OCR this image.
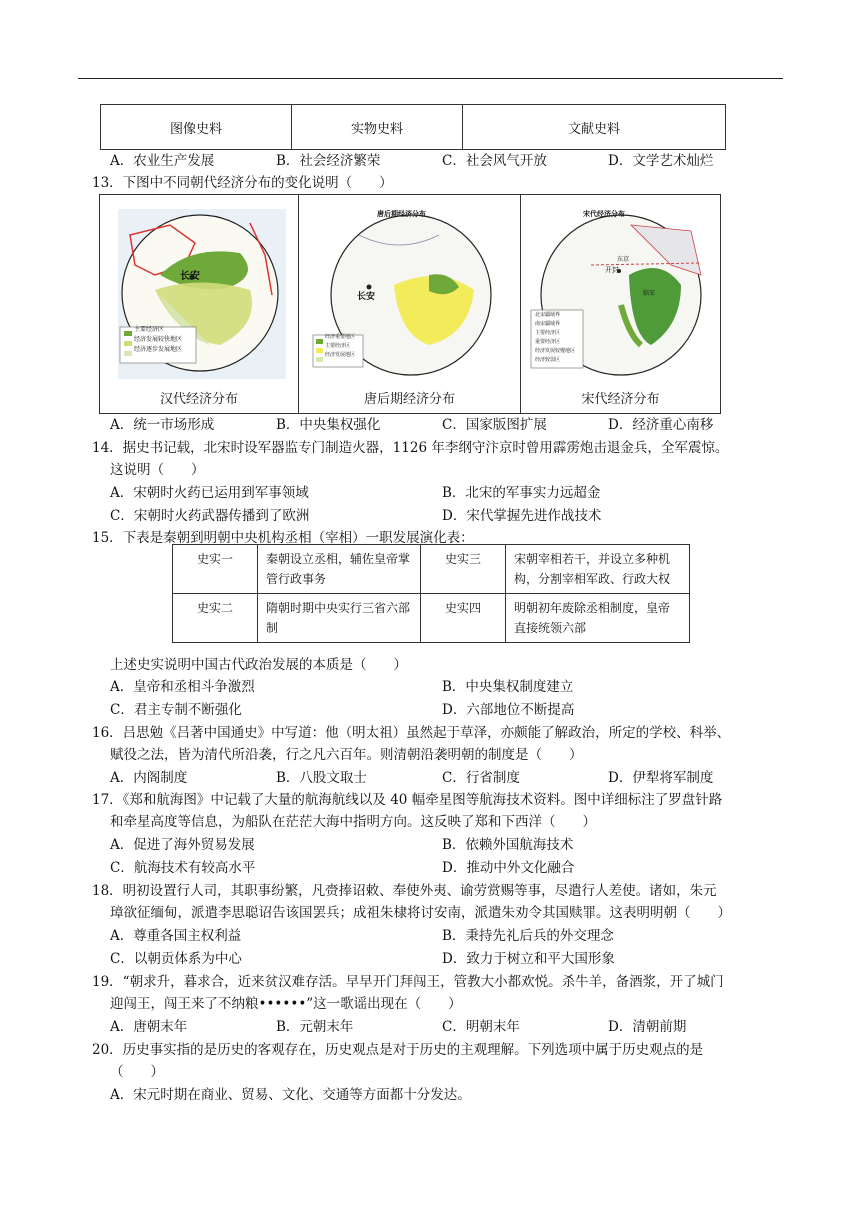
图像史料	实物史料	文献史料
A．农业生产发展	B．社会经济繁荣	C．社会风气开放	D．文学艺术灿烂
13．下图中不同朝代经济分布的变化说明（　　）
长安
主要经济区
经济发展较快地区
经济逐步发展地区
汉代经济分布
唐后期经济分布
长安
经济重要地区
主要经济区
经济发展地区
唐后期经济分布
宋代经济分布
东京
开封
临安
北宋疆域界
南宋疆域界
主要经济区
重要经济区
经济发展较慢地区
经济较弱区
宋代经济分布
A．统一市场形成	B．中央集权强化	C．国家版图扩展	D．经济重心南移
14．据史书记载，北宋时设军器监专门制造火器，1126 年李纲守汴京时曾用霹雳炮击退金兵，全军震惊。
这说明（　　）
A．宋朝时火药已运用到军事领域	B．北宋的军事实力远超金
C．宋朝时火药武器传播到了欧洲	D．宋代掌握先进作战技术
15．下表是秦朝到明朝中央机构丞相（宰相）一职发展演化表：
史实一	秦朝设立丞相，辅佐皇帝掌管行政事务	史实三	宋朝宰相若干，并设立多种机构，分割宰相军政、行政大权
史实二	隋朝时期中央实行三省六部制	史实四	明朝初年废除丞相制度，皇帝直接统领六部
上述史实说明中国古代政治发展的本质是（　　）
A．皇帝和丞相斗争激烈	B．中央集权制度建立
C．君主专制不断强化	D．六部地位不断提高
16．吕思勉《吕著中国通史》中写道：他（明太祖）虽然起于草泽，亦颇能了解政治，所定的学校、科举、
赋役之法，皆为清代所沿袭，行之凡六百年。则清朝沿袭明朝的制度是（　　）
A．内阁制度	B．八股文取士	C．行省制度	D．伊犁将军制度
17．《郑和航海图》中记载了大量的航海航线以及 40 幅牵星图等航海技术资料。图中详细标注了罗盘针路
和牵星高度等信息，为船队在茫茫大海中指明方向。这反映了郑和下西洋（　　）
A．促进了海外贸易发展	B．依赖外国航海技术
C．航海技术有较高水平	D．推动中外文化融合
18．明初设置行人司，其职事纷繁，凡赍捧诏敕、奉使外夷、谕劳赏赐等事，尽遣行人差使。诸如，朱元
璋欲征缅甸，派遣李思聪诏告该国罢兵；成祖朱棣将讨安南，派遣朱劝令其国赎罪。这表明明朝（　　）
A．尊重各国主权利益	B．秉持先礼后兵的外交理念
C．以朝贡体系为中心	D．致力于树立和平大国形象
19．“朝求升，暮求合，近来贫汉难存活。早早开门拜闯王，管教大小都欢悦。杀牛羊，备酒浆，开了城门
迎闯王，闯王来了不纳粮••••••”这一歌谣出现在（　　）
A．唐朝末年	B．元朝末年	C．明朝末年	D．清朝前期
20．历史事实指的是历史的客观存在，历史观点是对于历史的主观理解。下列选项中属于历史观点的是
（　　）
A．宋元时期在商业、贸易、文化、交通等方面都十分发达。
